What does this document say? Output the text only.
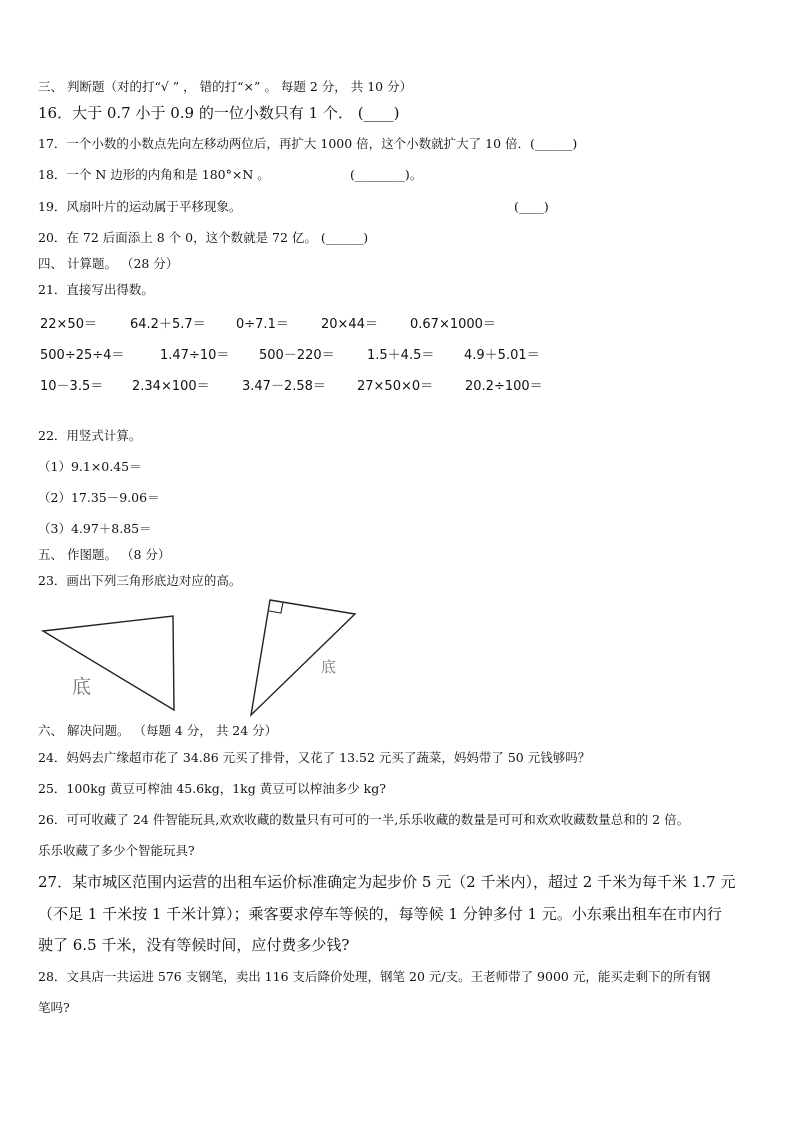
三、 判断题（对的打“√ ” ， 错的打“×” 。 每题 2 分， 共 10 分）
16．大于 0.7 小于 0.9 的一位小数只有 1 个． (____)
17．一个小数的小数点先向左移动两位后，再扩大 1000 倍，这个小数就扩大了 10 倍．(______)
18．一个 N 边形的内角和是 180°×N 。	(________)。
19．风扇叶片的运动属于平移现象。	(____)
20．在 72 后面添上 8 个 0，这个数就是 72 亿。 (______)
四、 计算题。 （28 分）
21．直接写出得数。
22×50＝	64.2＋5.7＝ 0÷7.1＝ 20×44＝ 0.67×1000＝
500÷25÷4＝	1.47÷10＝ 500－220＝ 1.5＋4.5＝ 4.9＋5.01＝
10－3.5＝ 2.34×100＝ 3.47－2.58＝ 27×50×0＝ 20.2÷100＝
22．用竖式计算。
（1）9.1×0.45＝
（2）17.35－9.06＝
（3）4.97＋8.85＝
五、 作图题。 （8 分）
23．画出下列三角形底边对应的高。
底
底
六、 解决问题。 （每题 4 分， 共 24 分）
24．妈妈去广缘超市花了 34.86 元买了排骨，又花了 13.52 元买了蔬菜，妈妈带了 50 元钱够吗？
25．100kg 黄豆可榨油 45.6kg，1kg 黄豆可以榨油多少 kg?
26．可可收藏了 24 件智能玩具,欢欢收藏的数量只有可可的一半,乐乐收藏的数量是可可和欢欢收藏数量总和的 2 倍。
乐乐收藏了多少个智能玩具?
27．某市城区范围内运营的出租车运价标准确定为起步价 5 元（2 千米内），超过 2 千米为每千米 1.7 元
（不足 1 千米按 1 千米计算）；乘客要求停车等候的，每等候 1 分钟多付 1 元。小东乘出租车在市内行
驶了 6.5 千米，没有等候时间，应付费多少钱?
28．文具店一共运进 576 支钢笔，卖出 116 支后降价处理，钢笔 20 元/支。王老师带了 9000 元，能买走剩下的所有钢
笔吗?
